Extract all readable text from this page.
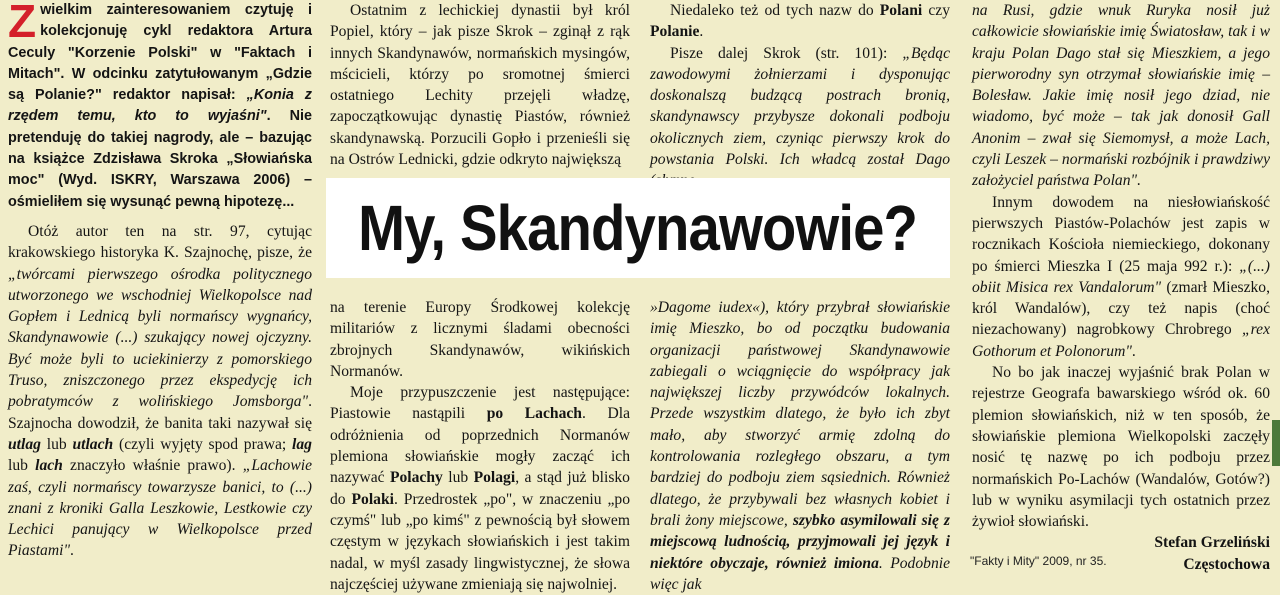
Zwielkim zainteresowaniem czytuję i kolekcjonuję cykl redaktora Artura Ceculy "Korzenie Polski" w "Faktach i Mitach". W odcinku zatytułowanym „Gdzie są Polanie?" redaktor napisał: „Konia z rzędem temu, kto to wyjaśni". Nie pretenduję do takiej nagrody, ale – bazując na książce Zdzisława Skroka „Słowiańska moc" (Wyd. ISKRY, Warszawa 2006) – ośmieliłem się wysunąć pewną hipotezę...

Otóż autor ten na str. 97, cytując krakowskiego historyka K. Szajnochę, pisze, że „twórcami pierwszego ośrodka politycznego utworzonego we wschodniej Wielkopolsce nad Gopłem i Lednicą byli normańscy wygnańcy, Skandynawowie (...) szukający nowej ojczyzny. Być może byli to uciekinierzy z pomorskiego Truso, zniszczonego przez ekspedycję ich pobratymców z wolińskiego Jomsborga". Szajnocha dowodził, że banita taki nazywał się utlag lub utlach (czyli wyjęty spod prawa; lag lub lach znaczyło właśnie prawo). „Lachowie zaś, czyli normańscy towarzysze banici, to (...) znani z kroniki Galla Leszkowie, Lestkowie czy Lechici panujący w Wielkopolsce przed Piastami".

Ostatnim z lechickiej dynastii był król Popiel, który – jak pisze Skrok – zginął z rąk innych Skandynawów, normańskich mysingów, mścicieli, którzy po sromotnej śmierci ostatniego Lechity przejęli władzę, zapoczątkowując dynastię Piastów, również skandynawską. Porzucili Gopło i przenieśli się na Ostrów Lednicki, gdzie odkryto największą

Niedaleko też od tych nazw do Polani czy Polanie.

Pisze dalej Skrok (str. 101): „Będąc zawodowymi żołnierzami i dysponując doskonalszą budzącą postrach bronią, skandynawscy przybysze dokonali podboju okolicznych ziem, czyniąc pierwszy krok do powstania Polski. Ich władcą został Dago

My, Skandynawowie?

na terenie Europy Środkowej kolekcję militariów z licznymi śladami obecności zbrojnych Skandynawów, wikińskich Normanów.

Moje przypuszczenie jest następujące: Piastowie nastąpili po Lachach. Dla odróżnienia od poprzednich Normanów plemiona słowiańskie mogły zacząć ich nazywać Polachy lub Polagi, a stąd już blisko do Polaki. Przedrostek „po", w znaczeniu „po czymś" lub „po kimś" z pewnością był słowem częstym w językach słowiańskich i jest takim nadal, w myśl zasady lingwistycznej, że słowa najczęściej używane zmieniają się najwolniej.

»Dagome iudex«), który przybrał słowiańskie imię Mieszko, bo od początku budowania organizacji państwowej Skandynawowie zabiegali o wciągnięcie do współpracy jak największej liczby przywódców lokalnych. Przede wszystkim dlatego, że było ich zbyt mało, aby stworzyć armię zdolną do kontrolowania rozległego obszaru, a tym bardziej do podboju ziem sąsiednich. Również dlatego, że przybywali bez własnych kobiet i brali żony miejscowe, szybko asymilowali się z miejscową ludnością, przyjmowali jej język i niektóre obyczaje, również imiona. Podobnie więc jak

na Rusi, gdzie wnuk Ruryka nosił już całkowicie słowiańskie imię Światosław, tak i w kraju Polan Dago stał się Mieszkiem, a jego pierworodny syn otrzymał słowiańskie imię – Bolesław. Jakie imię nosił jego dziad, nie wiadomo, być może – tak jak donosił Gall Anonim – zwał się Siemomysł, a może Lach, czyli Leszek – normański rozbójnik i prawdziwy założyciel państwa Polan".

Innym dowodem na niesłowiańskość pierwszych Piastów-Polachów jest zapis w rocznikach Kościoła niemieckiego, dokonany po śmierci Mieszka I (25 maja 992 r.): „(...) obiit Misica rex Vandalorum" (zmarł Mieszko, król Wandalów), czy też napis (choć niezachowany) nagrobkowy Chrobrego „rex Gothorum et Polonorum".

No bo jak inaczej wyjaśnić brak Polan w rejestrze Geografa bawarskiego wśród ok. 60 plemion słowiańskich, niż w ten sposób, że słowiańskie plemiona Wielkopolski zaczęły nosić tę nazwę po ich podboju przez normańskich Po-Lachów (Wandalów, Gotów?) lub w wyniku asymilacji tych ostatnich przez żywioł słowiański.

Stefan Grzeliński

Częstochowa

"Fakty i Mity" 2009, nr 35.
